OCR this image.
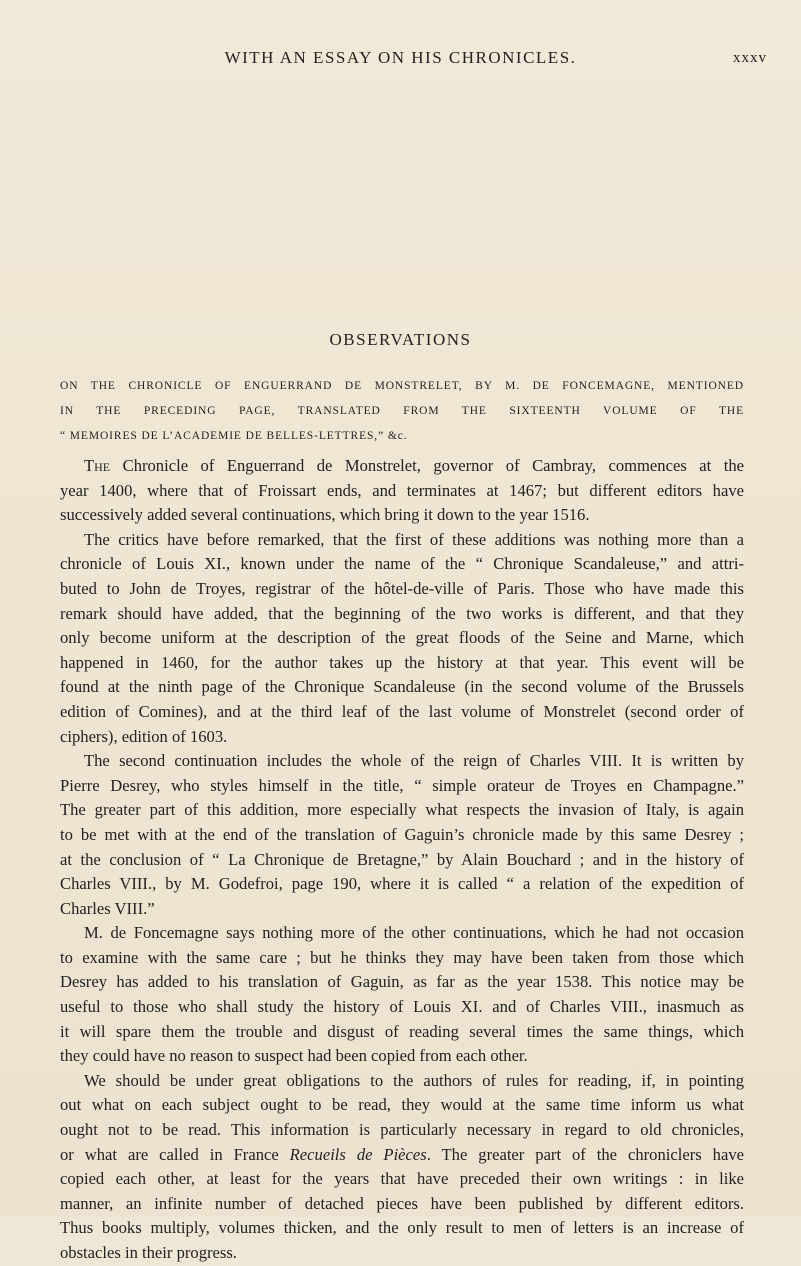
WITH AN ESSAY ON HIS CHRONICLES.	xxxv
OBSERVATIONS
ON THE CHRONICLE OF ENGUERRAND DE MONSTRELET, BY M. DE FONCEMAGNE, MENTIONED
IN THE PRECEDING PAGE, TRANSLATED FROM THE SIXTEENTH VOLUME OF THE
“ MEMOIRES DE L’ACADEMIE DE BELLES-LETTRES,” &c.

The Chronicle of Enguerrand de Monstrelet, governor of Cambray, commences at the
year 1400, where that of Froissart ends, and terminates at 1467; but different editors have
successively added several continuations, which bring it down to the year 1516.

The critics have before remarked, that the first of these additions was nothing more than a
chronicle of Louis XI., known under the name of the “ Chronique Scandaleuse,” and attri-
buted to John de Troyes, registrar of the hôtel-de-ville of Paris. Those who have made this
remark should have added, that the beginning of the two works is different, and that they
only become uniform at the description of the great floods of the Seine and Marne, which
happened in 1460, for the author takes up the history at that year. This event will be
found at the ninth page of the Chronique Scandaleuse (in the second volume of the Brussels
edition of Comines), and at the third leaf of the last volume of Monstrelet (second order of
ciphers), edition of 1603.

The second continuation includes the whole of the reign of Charles VIII. It is written by
Pierre Desrey, who styles himself in the title, “ simple orateur de Troyes en Champagne.”
The greater part of this addition, more especially what respects the invasion of Italy, is again
to be met with at the end of the translation of Gaguin’s chronicle made by this same Desrey ;
at the conclusion of “ La Chronique de Bretagne,” by Alain Bouchard ; and in the history of
Charles VIII., by M. Godefroi, page 190, where it is called “ a relation of the expedition of
Charles VIII.”

M. de Foncemagne says nothing more of the other continuations, which he had not occasion
to examine with the same care ; but he thinks they may have been taken from those which
Desrey has added to his translation of Gaguin, as far as the year 1538. This notice may be
useful to those who shall study the history of Louis XI. and of Charles VIII., inasmuch as
it will spare them the trouble and disgust of reading several times the same things, which
they could have no reason to suspect had been copied from each other.

We should be under great obligations to the authors of rules for reading, if, in pointing
out what on each subject ought to be read, they would at the same time inform us what
ought not to be read. This information is particularly necessary in regard to old chronicles,
or what are called in France Recueils de Pièces. The greater part of the chroniclers have
copied each other, at least for the years that have preceded their own writings : in like
manner, an infinite number of detached pieces have been published by different editors.
Thus books multiply, volumes thicken, and the only result to men of letters is an increase of
obstacles in their progress.
